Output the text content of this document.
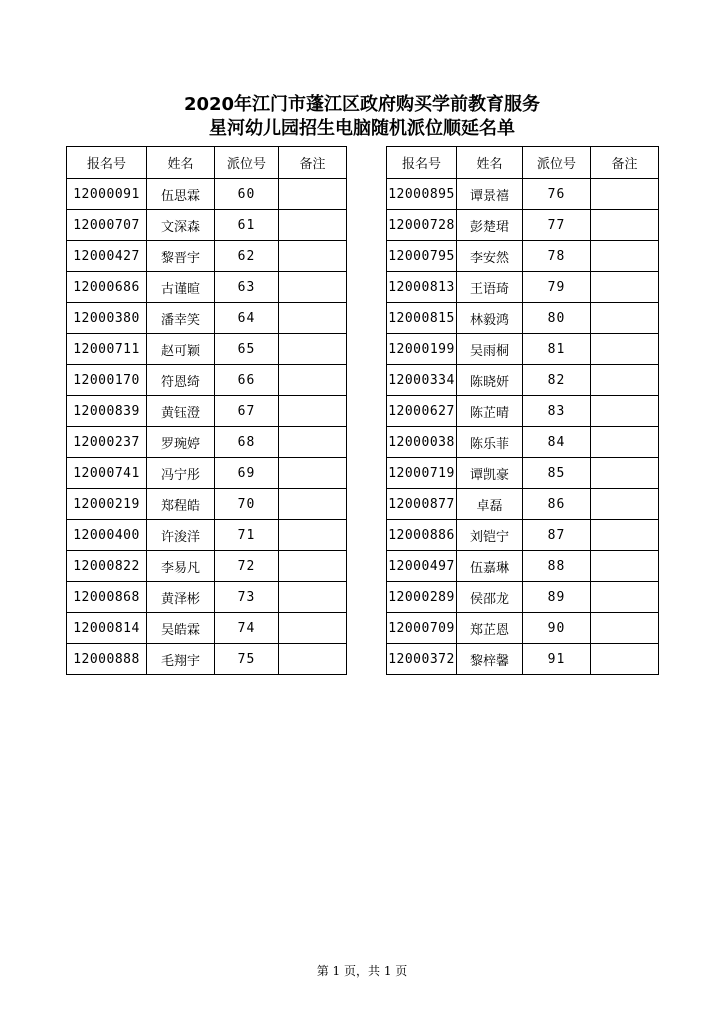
2020年江门市蓬江区政府购买学前教育服务
星河幼儿园招生电脑随机派位顺延名单
报名号	姓名	派位号	备注
12000091	伍思霖	60	
12000707	文深森	61	
12000427	黎晋宇	62	
12000686	古谨暄	63	
12000380	潘幸笑	64	
12000711	赵可颖	65	
12000170	符恩绮	66	
12000839	黄钰澄	67	
12000237	罗琬婷	68	
12000741	冯宁彤	69	
12000219	郑程皓	70	
12000400	许浚洋	71	
12000822	李易凡	72	
12000868	黄泽彬	73	
12000814	吴皓霖	74	
12000888	毛翔宇	75	
报名号	姓名	派位号	备注
12000895	谭景禧	76	
12000728	彭楚珺	77	
12000795	李安然	78	
12000813	王语琦	79	
12000815	林毅鸿	80	
12000199	吴雨桐	81	
12000334	陈晓妍	82	
12000627	陈芷晴	83	
12000038	陈乐菲	84	
12000719	谭凯豪	85	
12000877	卓磊	86	
12000886	刘铠宁	87	
12000497	伍嘉琳	88	
12000289	侯邵龙	89	
12000709	郑芷恩	90	
12000372	黎梓馨	91	
第 1 页，共 1 页
